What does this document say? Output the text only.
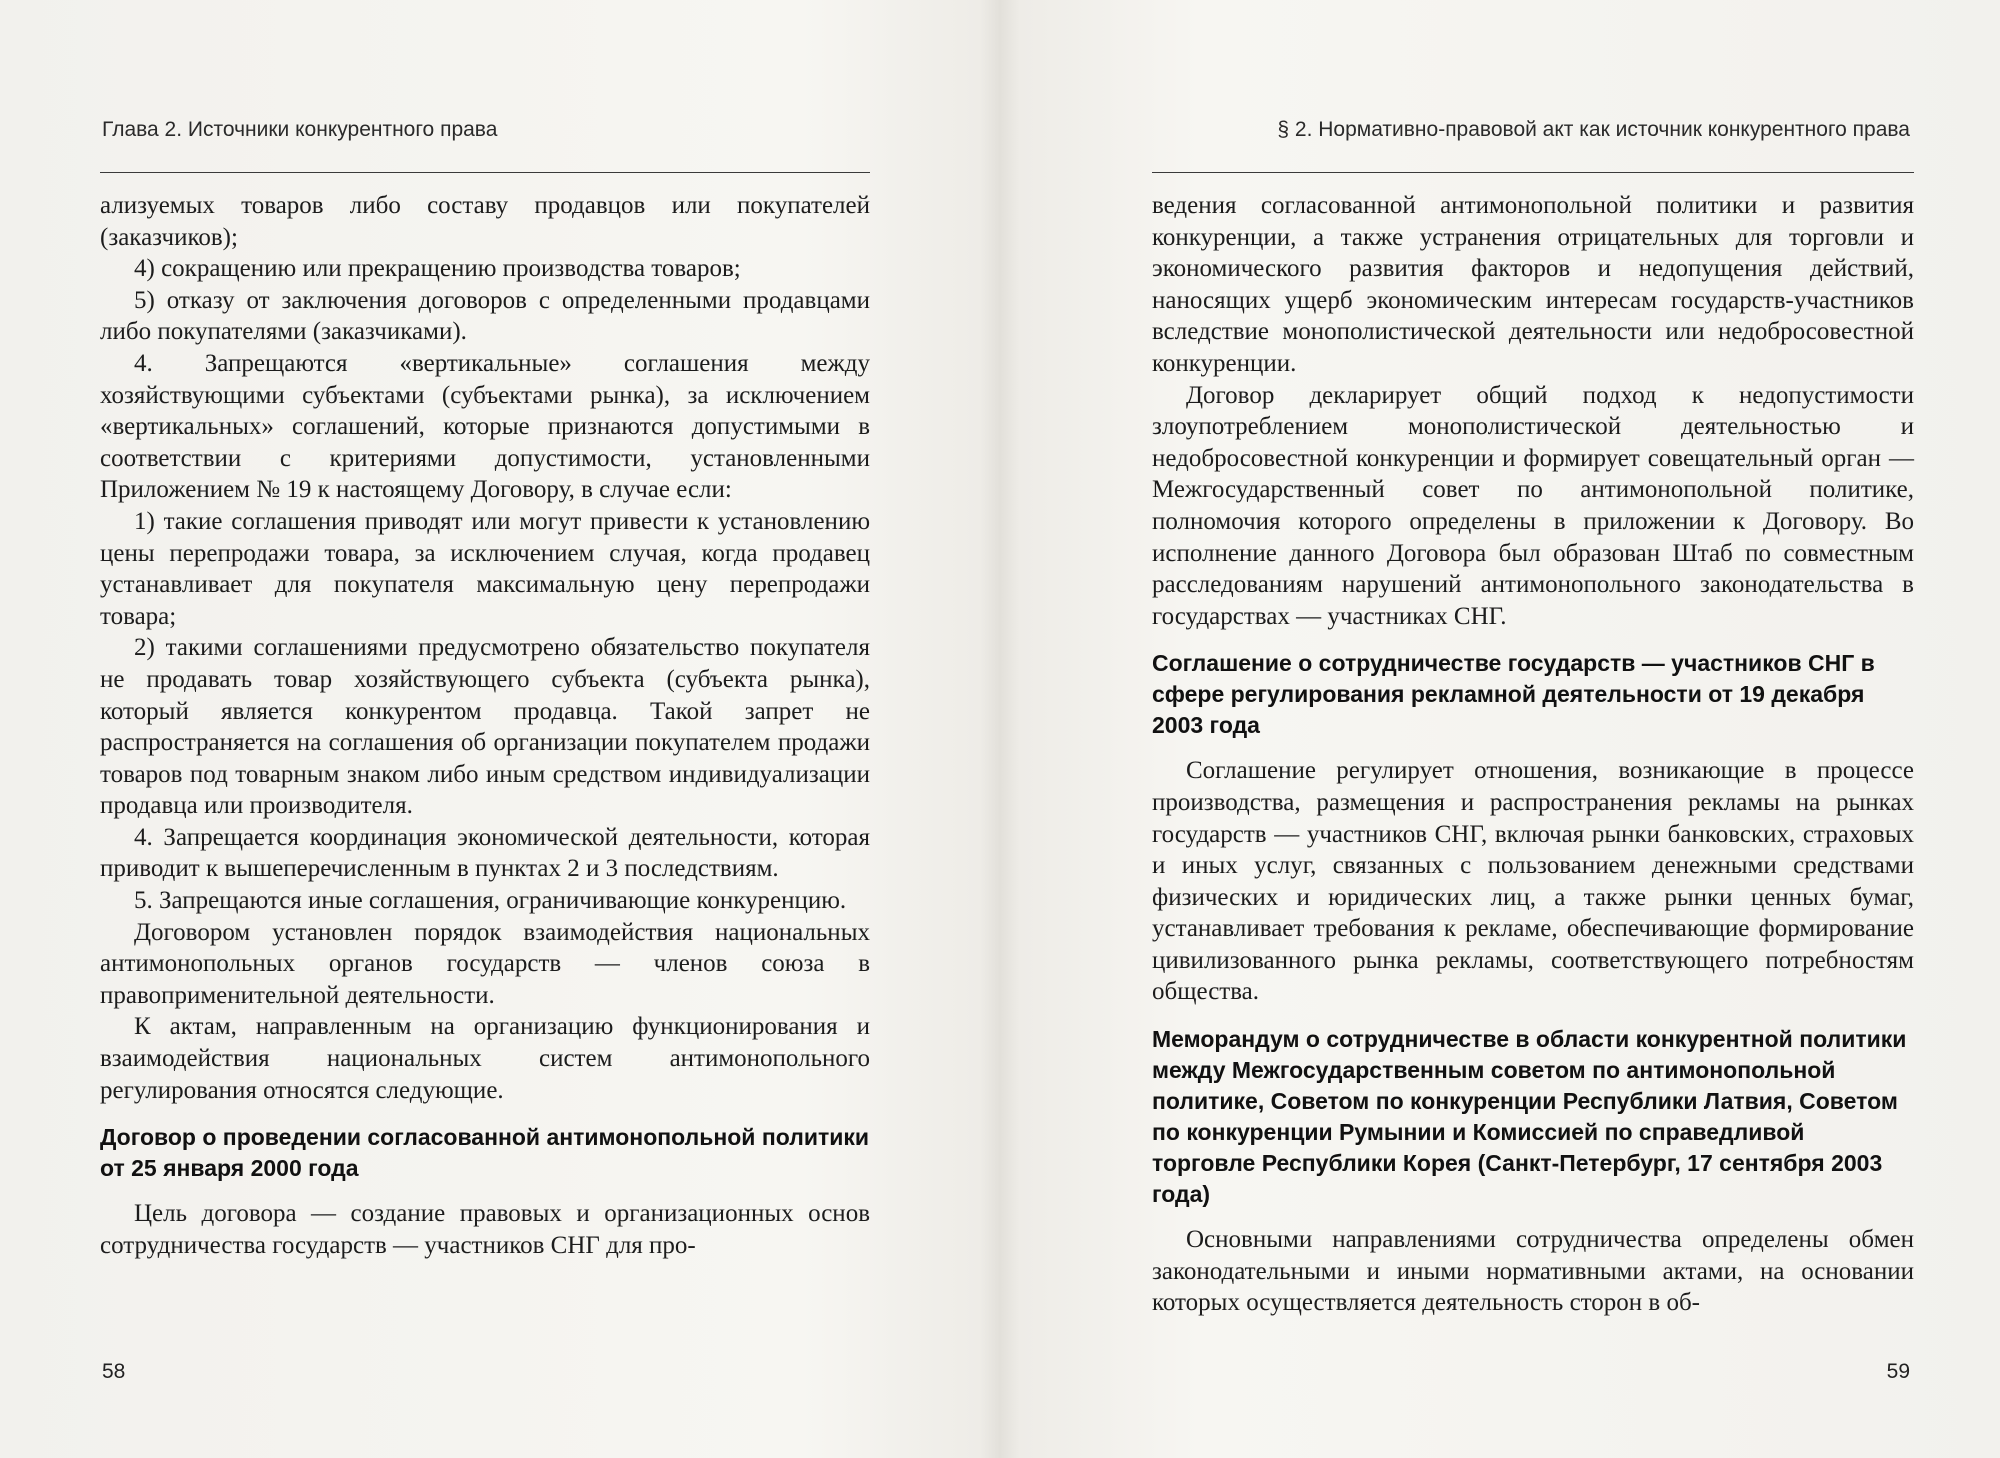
Глава 2. Источники конкурентного права

ализуемых товаров либо составу продавцов или покупателей (заказчиков);

4) сокращению или прекращению производства товаров;

5) отказу от заключения договоров с определенными продавцами либо покупателями (заказчиками).

4. Запрещаются «вертикальные» соглашения между хозяйствующими субъектами (субъектами рынка), за исключением «вертикальных» соглашений, которые признаются допустимыми в соответствии с критериями допустимости, установленными Приложением № 19 к настоящему Договору, в случае если:

1) такие соглашения приводят или могут привести к установлению цены перепродажи товара, за исключением случая, когда продавец устанавливает для покупателя максимальную цену перепродажи товара;

2) такими соглашениями предусмотрено обязательство покупателя не продавать товар хозяйствующего субъекта (субъекта рынка), который является конкурентом продавца. Такой запрет не распространяется на соглашения об организации покупателем продажи товаров под товарным знаком либо иным средством индивидуализации продавца или производителя.

4. Запрещается координация экономической деятельности, которая приводит к вышеперечисленным в пунктах 2 и 3 последствиям.

5. Запрещаются иные соглашения, ограничивающие конкуренцию.

Договором установлен порядок взаимодействия национальных антимонопольных органов государств — членов союза в правоприменительной деятельности.

К актам, направленным на организацию функционирования и взаимодействия национальных систем антимонопольного регулирования относятся следующие.

Договор о проведении согласованной антимонопольной политики от 25 января 2000 года

Цель договора — создание правовых и организационных основ сотрудничества государств — участников СНГ для про-

58
§ 2. Нормативно-правовой акт как источник конкурентного права

ведения согласованной антимонопольной политики и развития конкуренции, а также устранения отрицательных для торговли и экономического развития факторов и недопущения действий, наносящих ущерб экономическим интересам государств-участников вследствие монополистической деятельности или недобросовестной конкуренции.

Договор декларирует общий подход к недопустимости злоупотреблением монополистической деятельностью и недобросовестной конкуренции и формирует совещательный орган — Межгосударственный совет по антимонопольной политике, полномочия которого определены в приложении к Договору. Во исполнение данного Договора был образован Штаб по совместным расследованиям нарушений антимонопольного законодательства в государствах — участниках СНГ.

Соглашение о сотрудничестве государств — участников СНГ в сфере регулирования рекламной деятельности от 19 декабря 2003 года

Соглашение регулирует отношения, возникающие в процессе производства, размещения и распространения рекламы на рынках государств — участников СНГ, включая рынки банковских, страховых и иных услуг, связанных с пользованием денежными средствами физических и юридических лиц, а также рынки ценных бумаг, устанавливает требования к рекламе, обеспечивающие формирование цивилизованного рынка рекламы, соответствующего потребностям общества.

Меморандум о сотрудничестве в области конкурентной политики между Межгосударственным советом по антимонопольной политике, Советом по конкуренции Республики Латвия, Советом по конкуренции Румынии и Комиссией по справедливой торговле Республики Корея (Санкт-Петербург, 17 сентября 2003 года)

Основными направлениями сотрудничества определены обмен законодательными и иными нормативными актами, на основании которых осуществляется деятельность сторон в об-

59
